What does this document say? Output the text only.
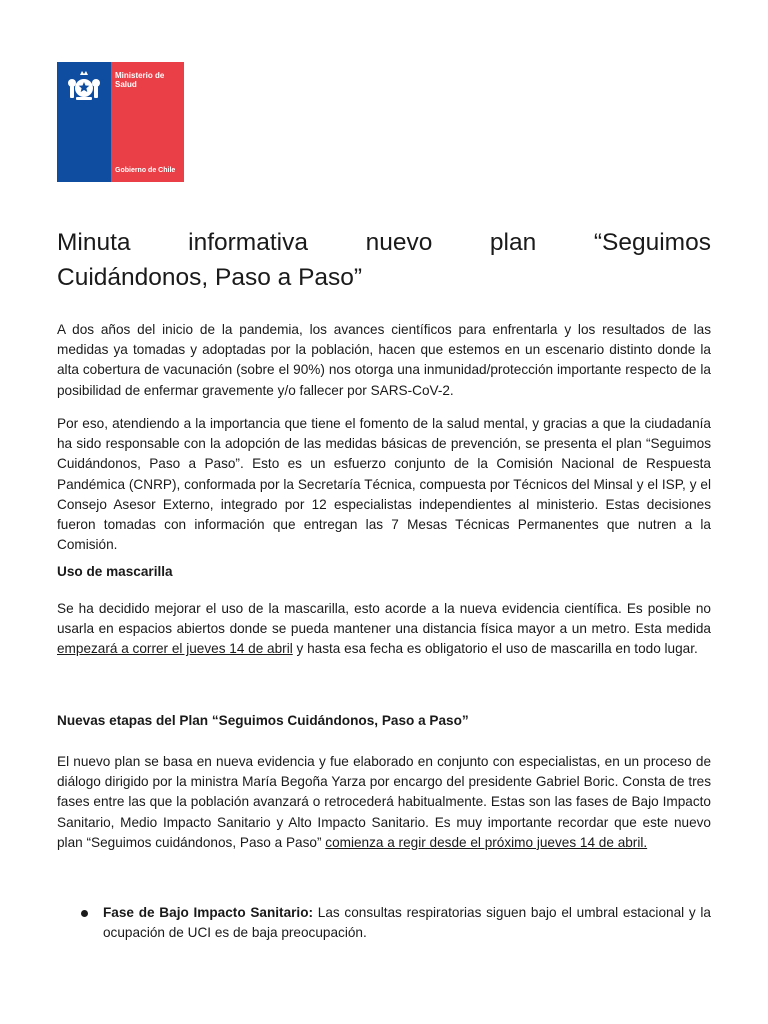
Ministerio de Salud
Gobierno de Chile
Minuta informativa nuevo plan “Seguimos
Cuidándonos, Paso a Paso”

A dos años del inicio de la pandemia, los avances científicos para enfrentarla y los resultados de las medidas ya tomadas y adoptadas por la población, hacen que estemos en un escenario distinto donde la alta cobertura de vacunación (sobre el 90%) nos otorga una inmunidad/protección importante respecto de la posibilidad de enfermar gravemente y/o fallecer por SARS-CoV-2.

Por eso, atendiendo a la importancia que tiene el fomento de la salud mental, y gracias a que la ciudadanía ha sido responsable con la adopción de las medidas básicas de prevención, se presenta el plan “Seguimos Cuidándonos, Paso a Paso”. Esto es un esfuerzo conjunto de la Comisión Nacional de Respuesta Pandémica (CNRP), conformada por la Secretaría Técnica, compuesta por Técnicos del Minsal y el ISP, y el Consejo Asesor Externo, integrado por 12 especialistas independientes al ministerio. Estas decisiones fueron tomadas con información que entregan las 7 Mesas Técnicas Permanentes que nutren a la Comisión.

Uso de mascarilla

Se ha decidido mejorar el uso de la mascarilla, esto acorde a la nueva evidencia científica. Es posible no usarla en espacios abiertos donde se pueda mantener una distancia física mayor a un metro. Esta medida empezará a correr el jueves 14 de abril y hasta esa fecha es obligatorio el uso de mascarilla en todo lugar.

Nuevas etapas del Plan “Seguimos Cuidándonos, Paso a Paso”

El nuevo plan se basa en nueva evidencia y fue elaborado en conjunto con especialistas, en un proceso de diálogo dirigido por la ministra María Begoña Yarza por encargo del presidente Gabriel Boric. Consta de tres fases entre las que la población avanzará o retrocederá habitualmente. Estas son las fases de Bajo Impacto Sanitario, Medio Impacto Sanitario y Alto Impacto Sanitario. Es muy importante recordar que este nuevo plan “Seguimos cuidándonos, Paso a Paso” comienza a regir desde el próximo jueves 14 de abril.

Fase de Bajo Impacto Sanitario: Las consultas respiratorias siguen bajo el umbral estacional y la ocupación de UCI es de baja preocupación.
